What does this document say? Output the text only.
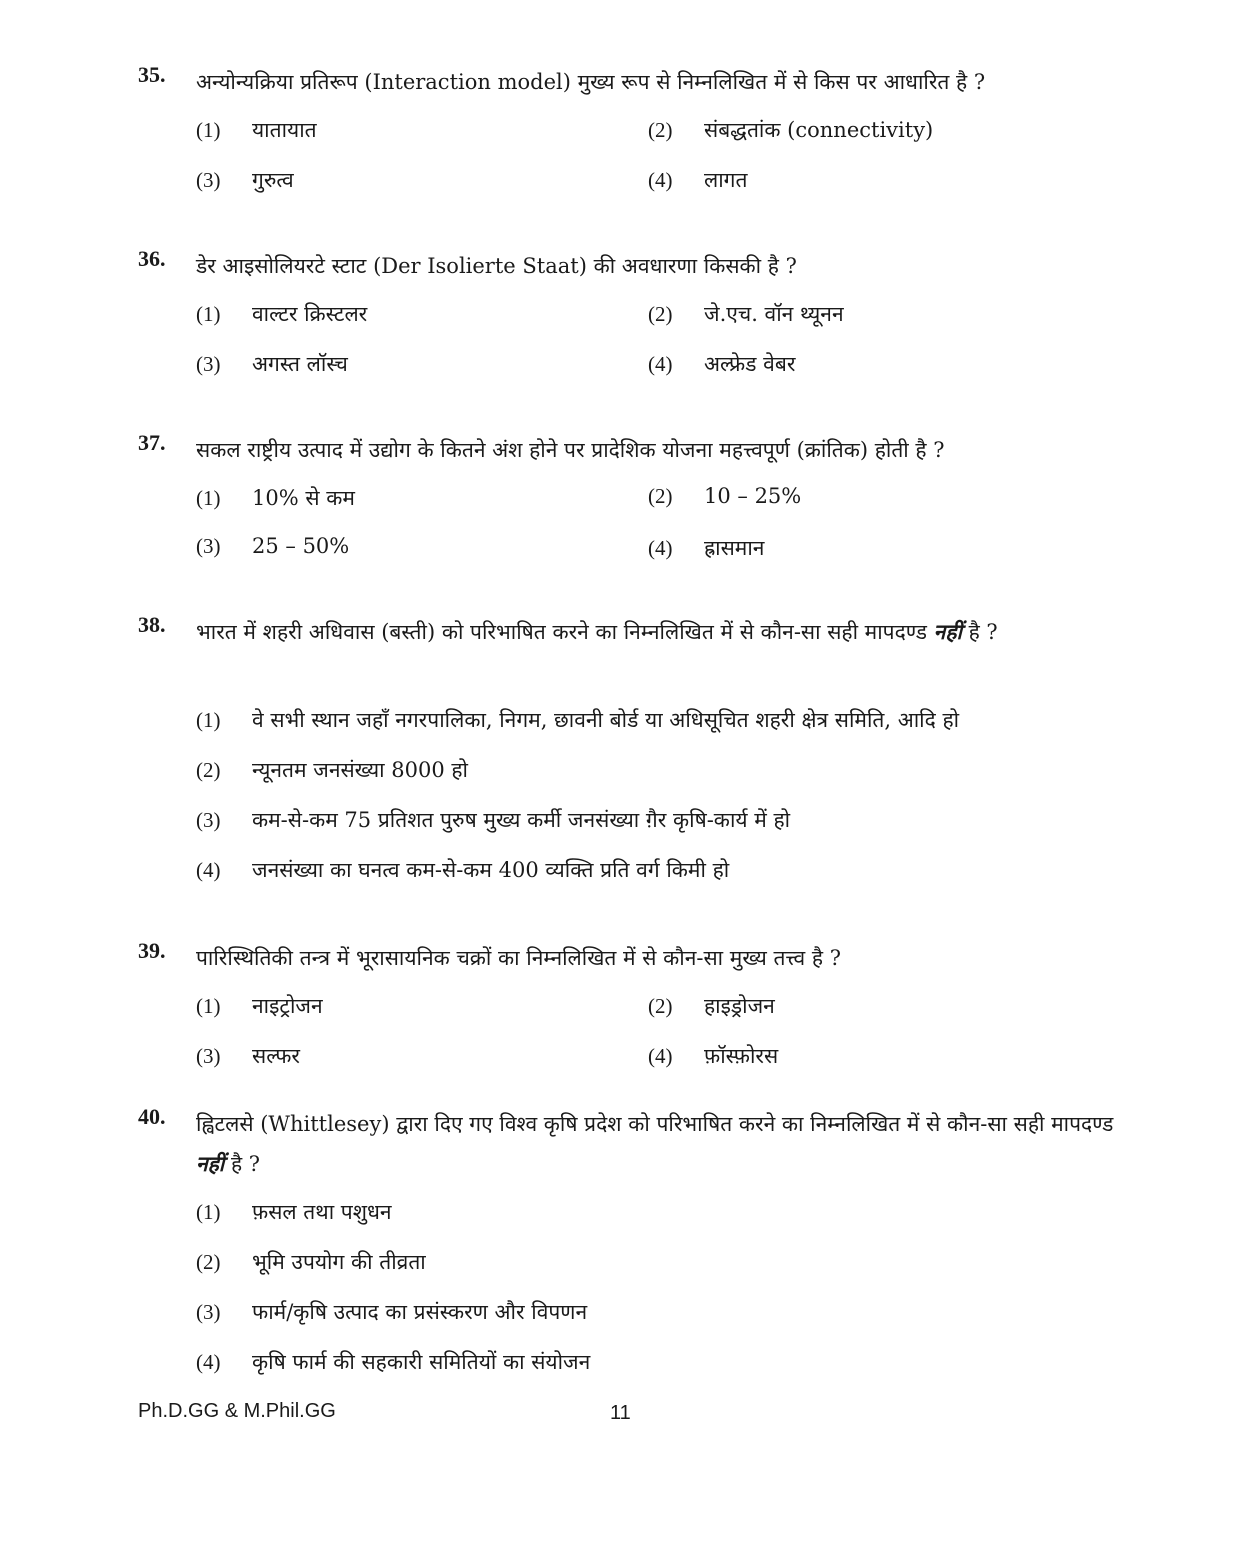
35. अन्योन्यक्रिया प्रतिरूप (Interaction model) मुख्य रूप से निम्नलिखित में से किस पर आधारित है ?
(1) यातायात	(2) संबद्धतांक (connectivity)
(3) गुरुत्व	(4) लागत
36. डेर आइसोलियरटे स्टाट (Der Isolierte Staat) की अवधारणा किसकी है ?
(1) वाल्टर क्रिस्टलर	(2) जे.एच. वॉन थ्यूनन
(3) अगस्त लॉस्च	(4) अल्फ्रेड वेबर
37. सकल राष्ट्रीय उत्पाद में उद्योग के कितने अंश होने पर प्रादेशिक योजना महत्त्वपूर्ण (क्रांतिक) होती है ?
(1) 10% से कम	(2) 10 – 25%
(3) 25 – 50%	(4) ह्रासमान
38. भारत में शहरी अधिवास (बस्ती) को परिभाषित करने का निम्नलिखित में से कौन-सा सही मापदण्ड नहीं है ?
(1) वे सभी स्थान जहाँ नगरपालिका, निगम, छावनी बोर्ड या अधिसूचित शहरी क्षेत्र समिति, आदि हो
(2) न्यूनतम जनसंख्या 8000 हो
(3) कम-से-कम 75 प्रतिशत पुरुष मुख्य कर्मी जनसंख्या ग़ैर कृषि-कार्य में हो
(4) जनसंख्या का घनत्व कम-से-कम 400 व्यक्ति प्रति वर्ग किमी हो
39. पारिस्थितिकी तन्त्र में भूरासायनिक चक्रों का निम्नलिखित में से कौन-सा मुख्य तत्त्व है ?
(1) नाइट्रोजन	(2) हाइड्रोजन
(3) सल्फर	(4) फ़ॉस्फ़ोरस
40. ह्विटलसे (Whittlesey) द्वारा दिए गए विश्व कृषि प्रदेश को परिभाषित करने का निम्नलिखित में से कौन-सा सही मापदण्ड नहीं है ?
(1) फ़सल तथा पशुधन
(2) भूमि उपयोग की तीव्रता
(3) फार्म/कृषि उत्पाद का प्रसंस्करण और विपणन
(4) कृषि फार्म की सहकारी समितियों का संयोजन
Ph.D.GG & M.Phil.GG	11
